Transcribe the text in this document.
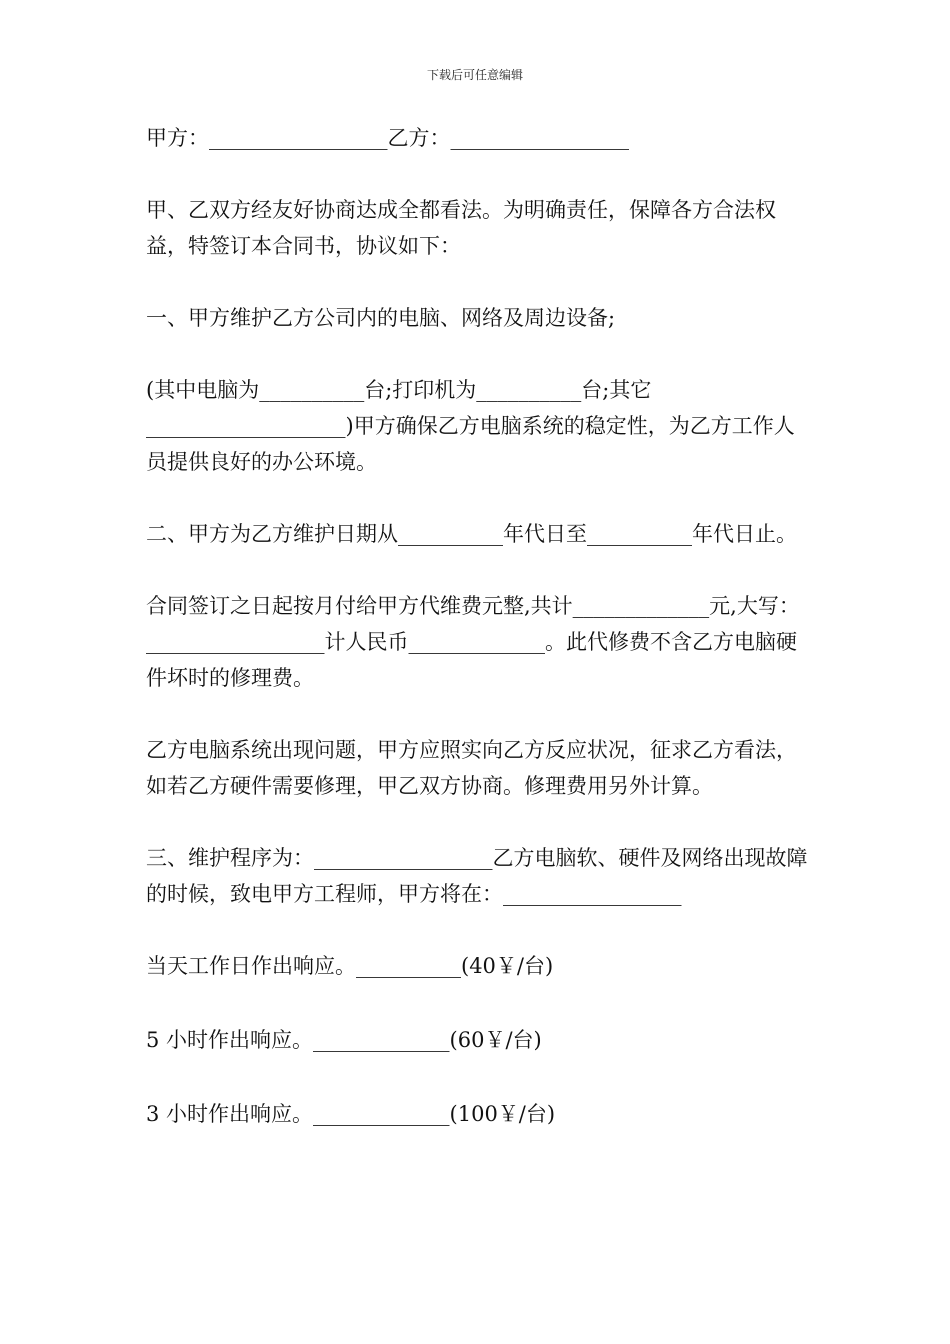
下载后可任意编辑

甲方：_________________乙方：_________________

甲、乙双方经友好协商达成全都看法。为明确责任，保障各方合法权益，特签订本合同书，协议如下：

一、甲方维护乙方公司内的电脑、网络及周边设备;

(其中电脑为__________台;打印机为__________台;其它___________________)甲方确保乙方电脑系统的稳定性，为乙方工作人员提供良好的办公环境。

二、甲方为乙方维护日期从__________年代日至__________年代日止。

合同签订之日起按月付给甲方代维费元整,共计_____________元,大写：_________________计人民币_____________。此代修费不含乙方电脑硬件坏时的修理费。

乙方电脑系统出现问题，甲方应照实向乙方反应状况，征求乙方看法，如若乙方硬件需要修理，甲乙双方协商。修理费用另外计算。

三、维护程序为：_________________乙方电脑软、硬件及网络出现故障的时候，致电甲方工程师，甲方将在：_________________

当天工作日作出响应。__________(40￥/台)

5 小时作出响应。_____________(60￥/台)

3 小时作出响应。_____________(100￥/台)
